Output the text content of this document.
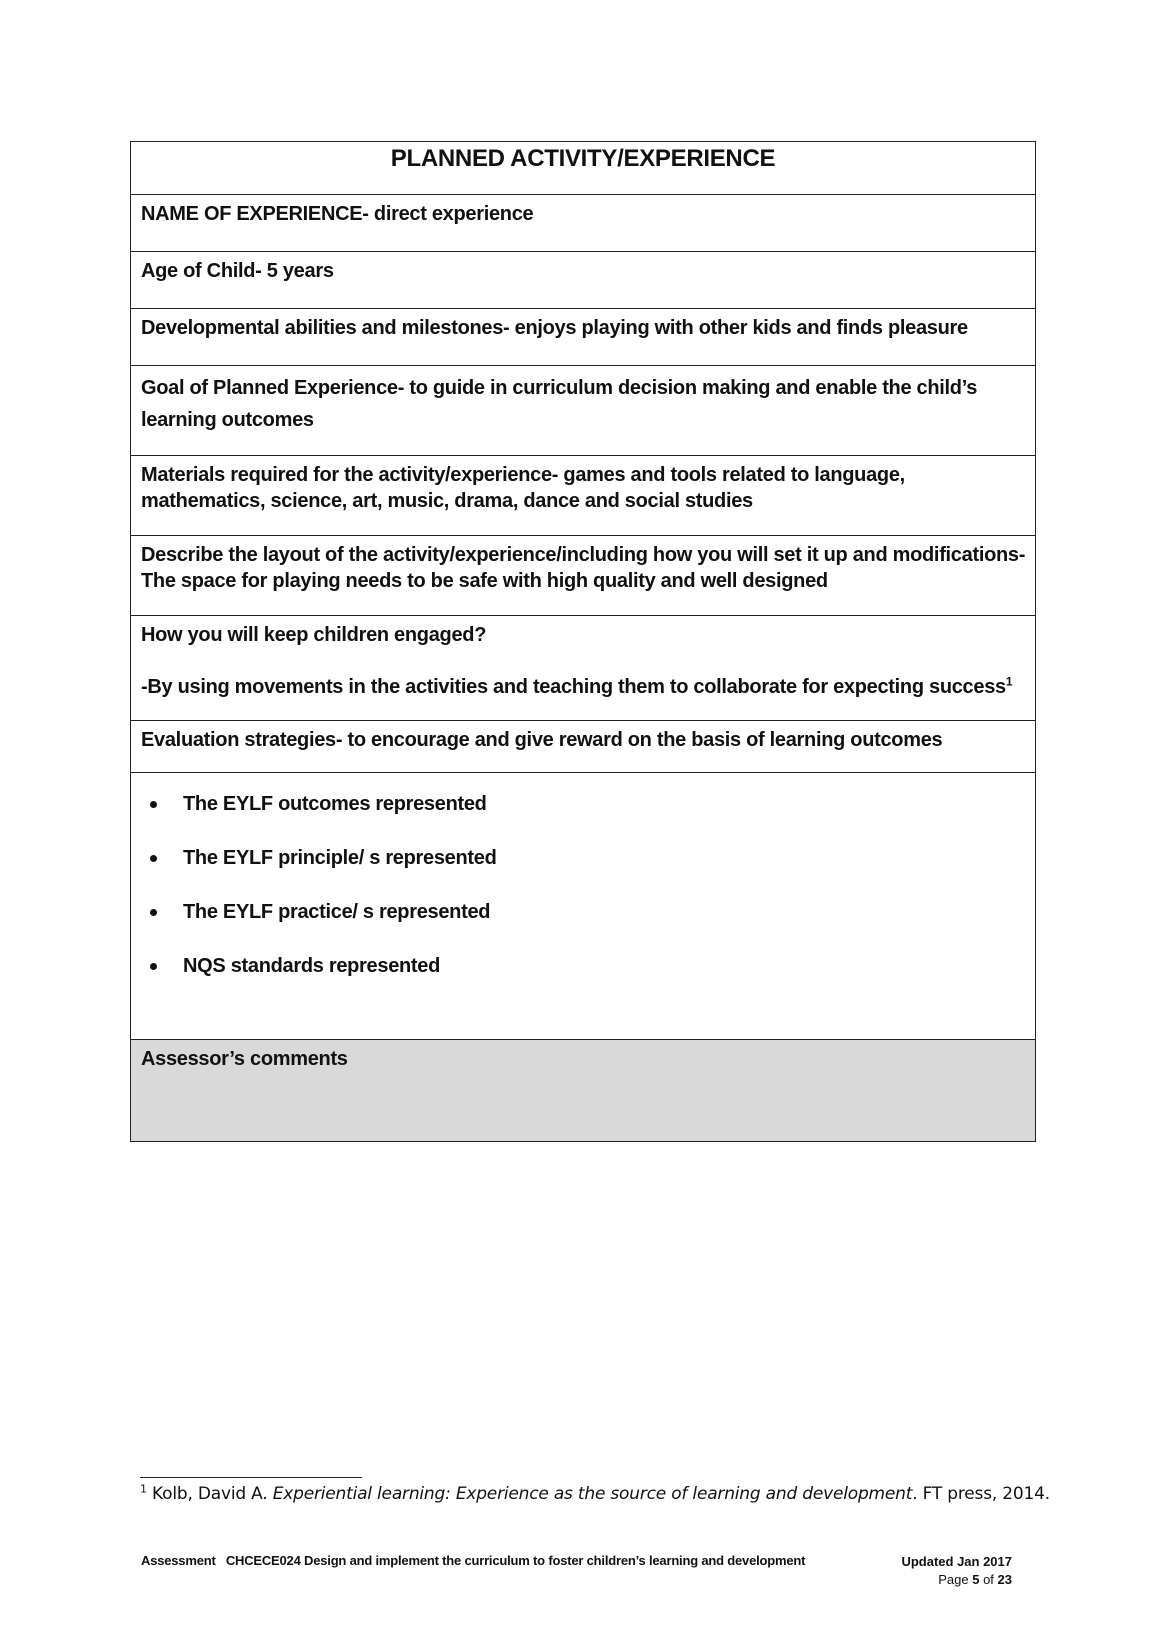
PLANNED ACTIVITY/EXPERIENCE
NAME OF EXPERIENCE- direct experience
Age of Child- 5 years
Developmental abilities and milestones- enjoys playing with other kids and finds pleasure
Goal of Planned Experience- to guide in curriculum decision making and enable the child’s
learning outcomes
Materials required for the activity/experience- games and tools related to language,
mathematics, science, art, music, drama, dance and social studies
Describe the layout of the activity/experience/including how you will set it up and modifications-
The space for playing needs to be safe with high quality and well designed
How you will keep children engaged?
-By using movements in the activities and teaching them to collaborate for expecting success$^1$
Evaluation strategies- to encourage and give reward on the basis of learning outcomes
The EYLF outcomes represented
The EYLF principle/ s represented
The EYLF practice/ s represented
NQS standards represented
Assessor’s comments
$^1$ Kolb, David A. Experiential learning: Experience as the source of learning and development. FT press, 2014.
Assessment   CHCECE024 Design and implement the curriculum to foster children’s learning and development	Updated Jan 2017
Page 5 of 23
